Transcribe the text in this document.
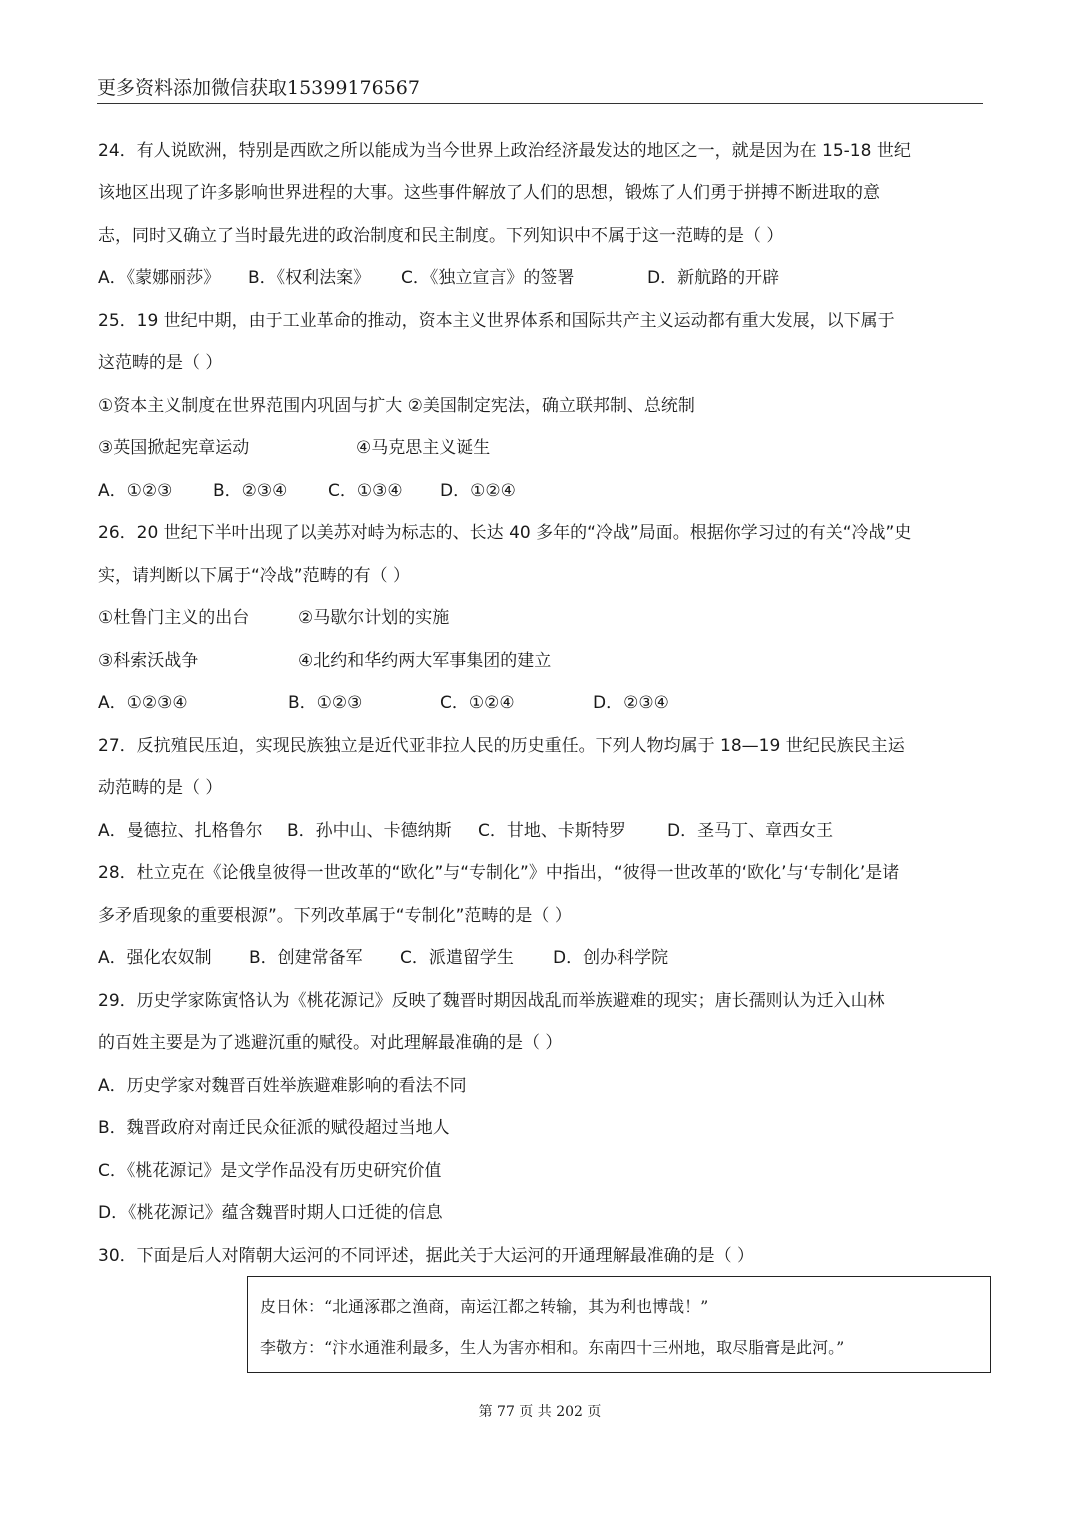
更多资料添加微信获取15399176567
24．有人说欧洲，特别是西欧之所以能成为当今世界上政治经济最发达的地区之一，就是因为在 15-18 世纪
该地区出现了许多影响世界进程的大事。这些事件解放了人们的思想，锻炼了人们勇于拼搏不断进取的意
志，同时又确立了当时最先进的政治制度和民主制度。下列知识中不属于这一范畴的是（ ）
A．《蒙娜丽莎》 B．《权利法案》 C．《独立宣言》的签署	D．新航路的开辟
25．19 世纪中期，由于工业革命的推动，资本主义世界体系和国际共产主义运动都有重大发展，以下属于
这范畴的是（ ）
①资本主义制度在世界范围内巩固与扩大 ②美国制定宪法，确立联邦制、总统制
③英国掀起宪章运动	④马克思主义诞生
A．①②③ B．②③④ C．①③④ D．①②④
26．20 世纪下半叶出现了以美苏对峙为标志的、长达 40 多年的“冷战”局面。根据你学习过的有关“冷战”史
实，请判断以下属于“冷战”范畴的有（ ）
①杜鲁门主义的出台	②马歇尔计划的实施
③科索沃战争	④北约和华约两大军事集团的建立
A．①②③④	B．①②③	C．①②④	D．②③④
27．反抗殖民压迫，实现民族独立是近代亚非拉人民的历史重任。下列人物均属于 18—19 世纪民族民主运
动范畴的是（ ）
A．曼德拉、扎格鲁尔 B．孙中山、卡德纳斯 C．甘地、卡斯特罗 D．圣马丁、章西女王
28．杜立克在《论俄皇彼得一世改革的“欧化”与“专制化”》中指出，“彼得一世改革的‘欧化’与‘专制化’是诸
多矛盾现象的重要根源”。下列改革属于“专制化”范畴的是（ ）
A．强化农奴制 B．创建常备军 C．派遣留学生 D．创办科学院
29．历史学家陈寅恪认为《桃花源记》反映了魏晋时期因战乱而举族避难的现实；唐长孺则认为迁入山林
的百姓主要是为了逃避沉重的赋役。对此理解最准确的是（ ）
A．历史学家对魏晋百姓举族避难影响的看法不同
B．魏晋政府对南迁民众征派的赋役超过当地人
C．《桃花源记》是文学作品没有历史研究价值
D．《桃花源记》蕴含魏晋时期人口迁徙的信息
30．下面是后人对隋朝大运河的不同评述，据此关于大运河的开通理解最准确的是（ ）
皮日休：“北通涿郡之渔商，南运江都之转输，其为利也博哉！”
李敬方：“汴水通淮利最多，生人为害亦相和。东南四十三州地，取尽脂膏是此河。”
第 77 页 共 202 页
